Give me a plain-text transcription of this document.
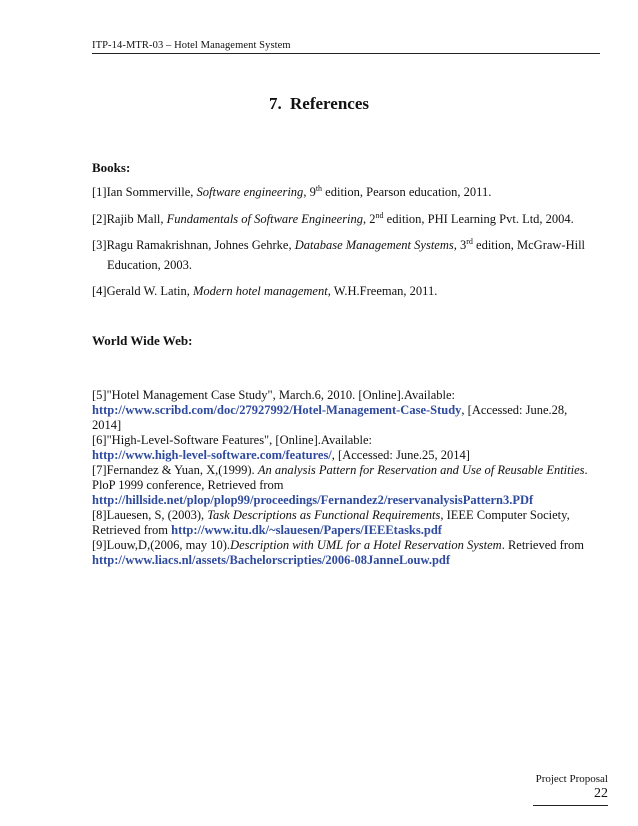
ITP-14-MTR-03 – Hotel Management System
7. References
Books:
[1]Ian Sommerville, Software engineering, 9th edition, Pearson education, 2011.
[2]Rajib Mall, Fundamentals of Software Engineering, 2nd edition, PHI Learning Pvt. Ltd, 2004.
[3]Ragu Ramakrishnan, Johnes Gehrke, Database Management Systems, 3rd edition, McGraw-Hill
Education, 2003.
[4]Gerald W. Latin, Modern hotel management, W.H.Freeman, 2011.
World Wide Web:
[5]"Hotel Management Case Study", March.6, 2010. [Online].Available:
http://www.scribd.com/doc/27927992/Hotel-Management-Case-Study, [Accessed: June.28,
2014]
[6]"High-Level-Software Features", [Online].Available:
http://www.high-level-software.com/features/, [Accessed: June.25, 2014]
[7]Fernandez & Yuan, X,(1999). An analysis Pattern for Reservation and Use of Reusable Entities.
PloP 1999 conference, Retrieved from
http://hillside.net/plop/plop99/proceedings/Fernandez2/reservanalysisPattern3.PDf
[8]Lauesen, S, (2003), Task Descriptions as Functional Requirements, IEEE Computer Society,
Retrieved from http://www.itu.dk/~slauesen/Papers/IEEEtasks.pdf
[9]Louw,D,(2006, may 10).Description with UML for a Hotel Reservation System. Retrieved from
http://www.liacs.nl/assets/Bachelorscripties/2006-08JanneLouw.pdf
Project Proposal
22
